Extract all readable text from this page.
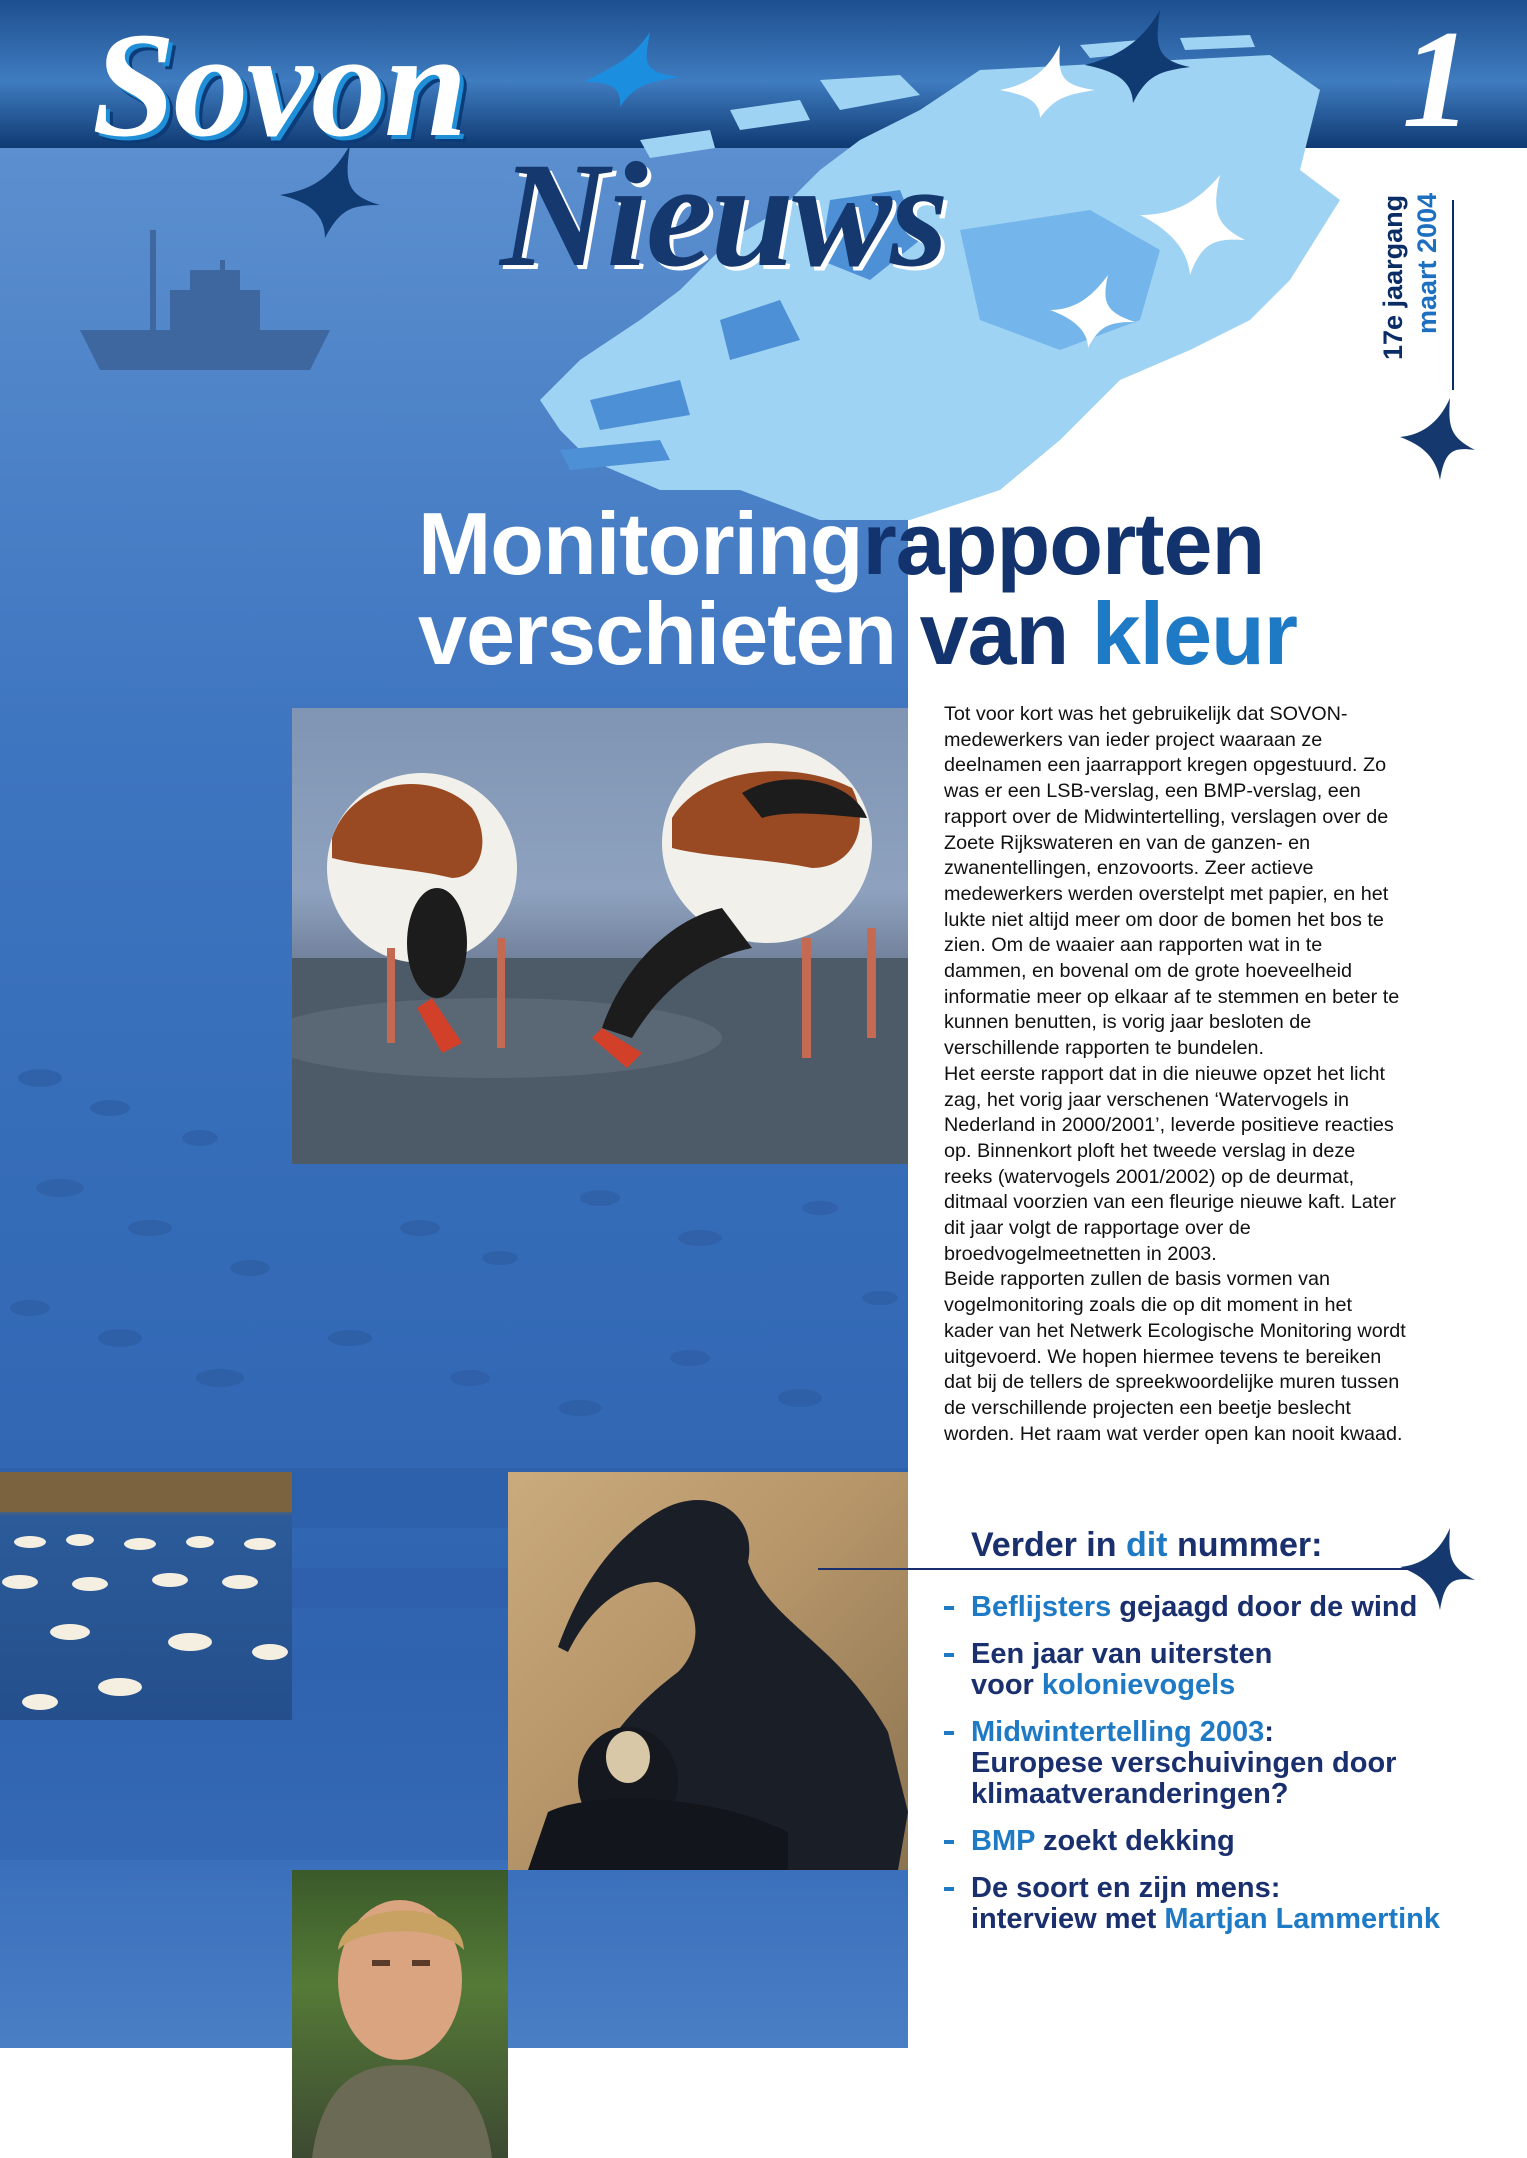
Sovon
Nieuws
1
17e jaargang maart 2004
Monitoringrapporten
verschieten van kleur

Tot voor kort was het gebruikelijk dat SOVON-medewerkers van ieder project waaraan ze deelnamen een jaarrapport kregen opgestuurd. Zo was er een LSB-verslag, een BMP-verslag, een rapport over de Midwintertelling, verslagen over de Zoete Rijkswateren en van de ganzen- en zwanentellingen, enzovoorts. Zeer actieve medewerkers werden overstelpt met papier, en het lukte niet altijd meer om door de bomen het bos te zien. Om de waaier aan rapporten wat in te dammen, en bovenal om de grote hoeveelheid informatie meer op elkaar af te stemmen en beter te kunnen benutten, is vorig jaar besloten de verschillende rapporten te bundelen.

Het eerste rapport dat in die nieuwe opzet het licht zag, het vorig jaar verschenen ‘Watervogels in Nederland in 2000/2001’, leverde positieve reacties op. Binnenkort ploft het tweede verslag in deze reeks (watervogels 2001/2002) op de deurmat, ditmaal voorzien van een fleurige nieuwe kaft. Later dit jaar volgt de rapportage over de broedvogelmeetnetten in 2003.

Beide rapporten zullen de basis vormen van vogelmonitoring zoals die op dit moment in het kader van het Netwerk Ecologische Monitoring wordt uitgevoerd. We hopen hiermee tevens te bereiken dat bij de tellers de spreekwoordelijke muren tussen de verschillende projecten een beetje beslecht worden. Het raam wat verder open kan nooit kwaad.

Verder in dit nummer:
Beflijsters gejaagd door de wind
Een jaar van uitersten
voor kolonievogels
Midwintertelling 2003:
Europese verschuivingen door
klimaatveranderingen?
BMP zoekt dekking
De soort en zijn mens:
interview met Martjan Lammertink
